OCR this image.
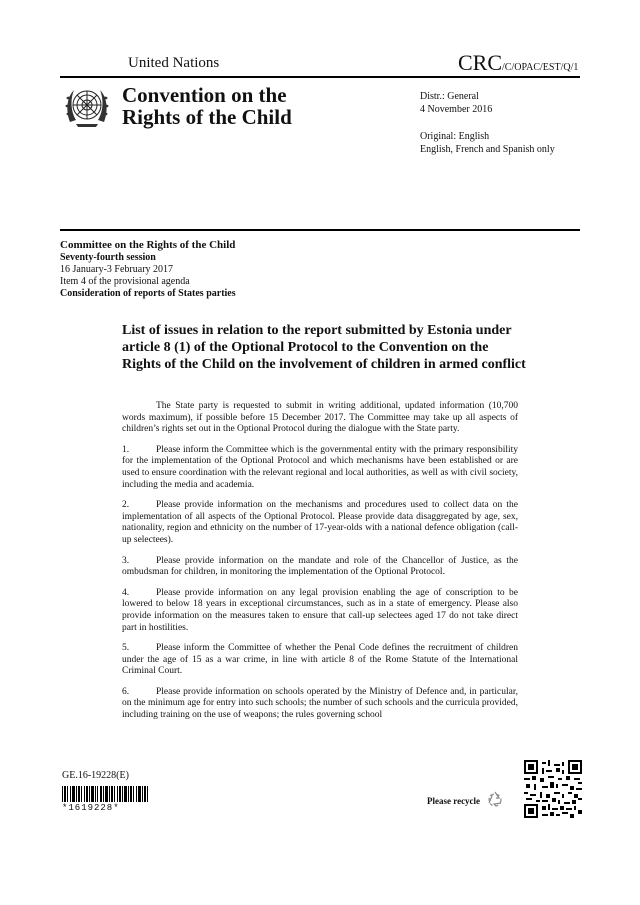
United Nations	CRC/C/OPAC/EST/Q/1
Convention on the
Rights of the Child
Distr.: General
4 November 2016
Original: English
English, French and Spanish only
Committee on the Rights of the Child
Seventy-fourth session
16 January-3 February 2017
Item 4 of the provisional agenda
Consideration of reports of States parties
List of issues in relation to the report submitted by Estonia under article 8 (1) of the Optional Protocol to the Convention on the Rights of the Child on the involvement of children in armed conflict

The State party is requested to submit in writing additional, updated information (10,700 words maximum), if possible before 15 December 2017. The Committee may take up all aspects of children’s rights set out in the Optional Protocol during the dialogue with the State party.

1.	Please inform the Committee which is the governmental entity with the primary responsibility for the implementation of the Optional Protocol and which mechanisms have been established or are used to ensure coordination with the relevant regional and local authorities, as well as with civil society, including the media and academia.

2.	Please provide information on the mechanisms and procedures used to collect data on the implementation of all aspects of the Optional Protocol. Please provide data disaggregated by age, sex, nationality, region and ethnicity on the number of 17-year-olds with a national defence obligation (call-up selectees).

3.	Please provide information on the mandate and role of the Chancellor of Justice, as the ombudsman for children, in monitoring the implementation of the Optional Protocol.

4.	Please provide information on any legal provision enabling the age of conscription to be lowered to below 18 years in exceptional circumstances, such as in a state of emergency. Please also provide information on the measures taken to ensure that call-up selectees aged 17 do not take direct part in hostilities.

5.	Please inform the Committee of whether the Penal Code defines the recruitment of children under the age of 15 as a war crime, in line with article 8 of the Rome Statute of the International Criminal Court.

6.	Please provide information on schools operated by the Ministry of Defence and, in particular, on the minimum age for entry into such schools; the number of such schools and the curricula provided, including training on the use of weapons; the rules governing school

GE.16-19228(E)
*1619228*
Please recycle
